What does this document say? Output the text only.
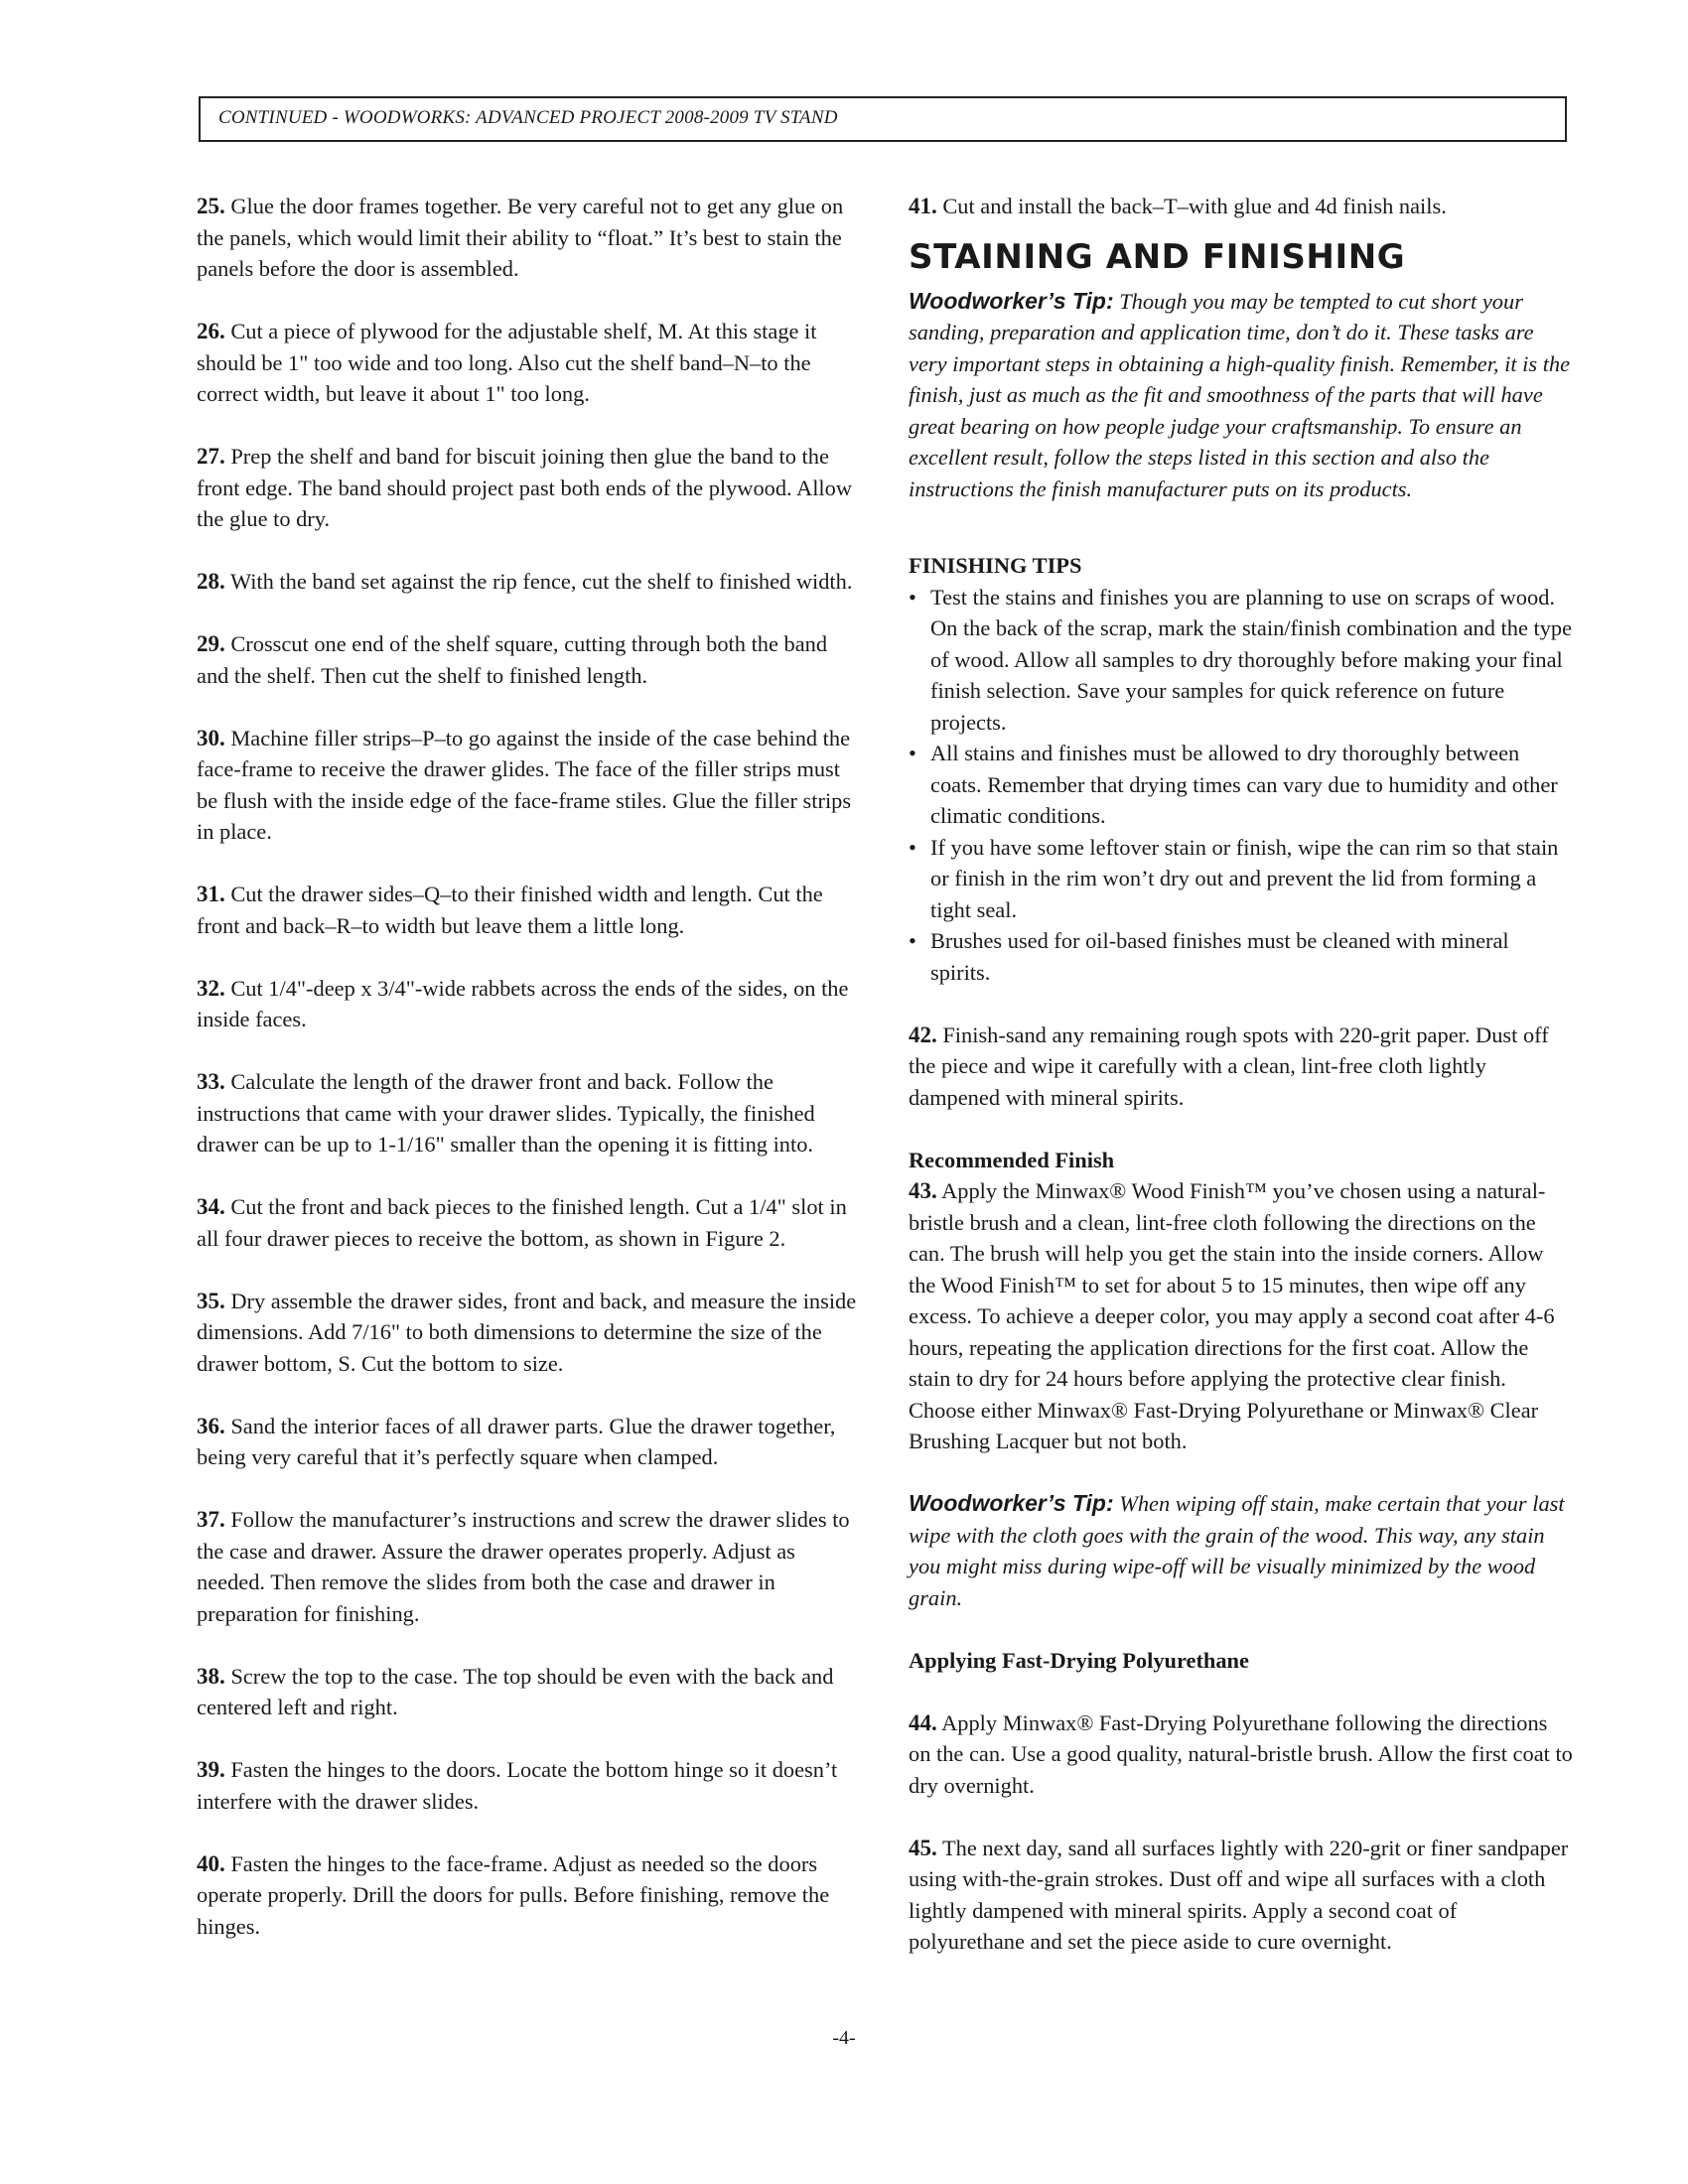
CONTINUED - WOODWORKS: ADVANCED PROJECT 2008-2009 TV STAND

25. Glue the door frames together. Be very careful not to get any glue on the panels, which would limit their ability to “float.” It’s best to stain the panels before the door is assembled.

26. Cut a piece of plywood for the adjustable shelf, M. At this stage it should be 1" too wide and too long. Also cut the shelf band–N–to the correct width, but leave it about 1" too long.

27. Prep the shelf and band for biscuit joining then glue the band to the front edge. The band should project past both ends of the plywood. Allow the glue to dry.

28. With the band set against the rip fence, cut the shelf to finished width.

29. Crosscut one end of the shelf square, cutting through both the band and the shelf. Then cut the shelf to finished length.

30. Machine filler strips–P–to go against the inside of the case behind the face-frame to receive the drawer glides. The face of the filler strips must be flush with the inside edge of the face-frame stiles. Glue the filler strips in place.

31. Cut the drawer sides–Q–to their finished width and length. Cut the front and back–R–to width but leave them a little long.

32. Cut 1/4"-deep x 3/4"-wide rabbets across the ends of the sides, on the inside faces.

33. Calculate the length of the drawer front and back. Follow the instructions that came with your drawer slides. Typically, the finished drawer can be up to 1-1/16" smaller than the opening it is fitting into.

34. Cut the front and back pieces to the finished length. Cut a 1/4" slot in all four drawer pieces to receive the bottom, as shown in Figure 2.

35. Dry assemble the drawer sides, front and back, and measure the inside dimensions. Add 7/16" to both dimensions to determine the size of the drawer bottom, S. Cut the bottom to size.

36. Sand the interior faces of all drawer parts. Glue the drawer together, being very careful that it’s perfectly square when clamped.

37. Follow the manufacturer’s instructions and screw the drawer slides to the case and drawer. Assure the drawer operates properly. Adjust as needed. Then remove the slides from both the case and drawer in preparation for finishing.

38. Screw the top to the case. The top should be even with the back and centered left and right.

39. Fasten the hinges to the doors. Locate the bottom hinge so it doesn’t interfere with the drawer slides.

40. Fasten the hinges to the face-frame. Adjust as needed so the doors operate properly. Drill the doors for pulls. Before finishing, remove the hinges.

41. Cut and install the back–T–with glue and 4d finish nails.

STAINING AND FINISHING

Woodworker’s Tip: Though you may be tempted to cut short your sanding, preparation and application time, don’t do it. These tasks are very important steps in obtaining a high-quality finish. Remember, it is the finish, just as much as the fit and smoothness of the parts that will have great bearing on how people judge your craftsmanship. To ensure an excellent result, follow the steps listed in this section and also the instructions the finish manufacturer puts on its products.

FINISHING TIPS

• Test the stains and finishes you are planning to use on scraps of wood. On the back of the scrap, mark the stain/finish combination and the type of wood. Allow all samples to dry thoroughly before making your final finish selection. Save your samples for quick reference on future projects.
• All stains and finishes must be allowed to dry thoroughly between coats. Remember that drying times can vary due to humidity and other climatic conditions.
• If you have some leftover stain or finish, wipe the can rim so that stain or finish in the rim won’t dry out and prevent the lid from forming a tight seal.
• Brushes used for oil-based finishes must be cleaned with mineral spirits.

42. Finish-sand any remaining rough spots with 220-grit paper. Dust off the piece and wipe it carefully with a clean, lint-free cloth lightly dampened with mineral spirits.

Recommended Finish

43. Apply the Minwax® Wood Finish™ you’ve chosen using a natural-bristle brush and a clean, lint-free cloth following the directions on the can. The brush will help you get the stain into the inside corners. Allow the Wood Finish™ to set for about 5 to 15 minutes, then wipe off any excess. To achieve a deeper color, you may apply a second coat after 4-6 hours, repeating the application directions for the first coat. Allow the stain to dry for 24 hours before applying the protective clear finish. Choose either Minwax® Fast-Drying Polyurethane or Minwax® Clear Brushing Lacquer but not both.

Woodworker’s Tip: When wiping off stain, make certain that your last wipe with the cloth goes with the grain of the wood. This way, any stain you might miss during wipe-off will be visually minimized by the wood grain.

Applying Fast-Drying Polyurethane

44. Apply Minwax® Fast-Drying Polyurethane following the directions on the can. Use a good quality, natural-bristle brush. Allow the first coat to dry overnight.

45. The next day, sand all surfaces lightly with 220-grit or finer sandpaper using with-the-grain strokes. Dust off and wipe all surfaces with a cloth lightly dampened with mineral spirits. Apply a second coat of polyurethane and set the piece aside to cure overnight.

-4-
